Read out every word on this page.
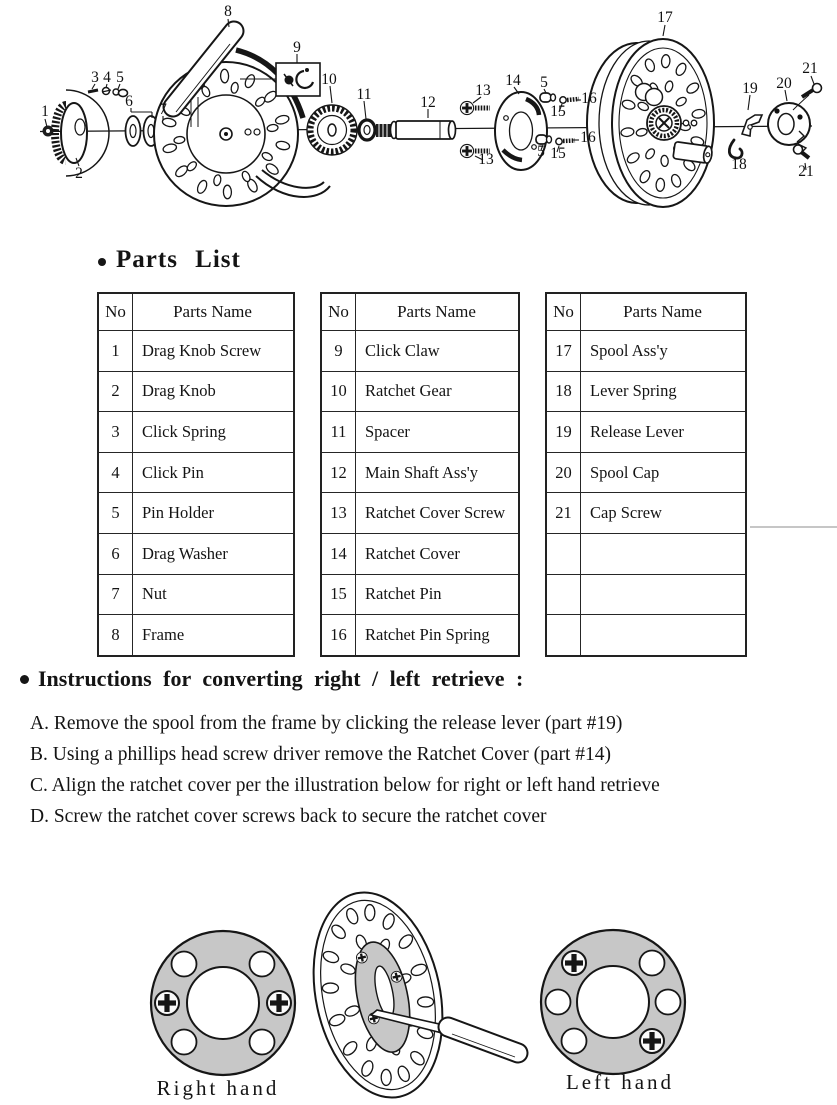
1
2
3 4 5
6 7
8
9
10
11	12
13
13
14 5
15
16
16
5 15
17
18
19 20
21
21
Parts List
No	Parts Name
1	Drag Knob Screw
2	Drag Knob
3	Click Spring
4	Click Pin
5	Pin Holder
6	Drag Washer
7	Nut
8	Frame
No	Parts Name
9	Click Claw
10	Ratchet Gear
11	Spacer
12	Main Shaft Ass'y
13	Ratchet Cover Screw
14	Ratchet Cover
15	Ratchet Pin
16	Ratchet Pin Spring
No	Parts Name
17	Spool Ass'y
18	Lever Spring
19	Release Lever
20	Spool Cap
21	Cap Screw

Instructions for converting right / left retrieve :
A. Remove the spool from the frame by clicking the release lever (part #19)
B. Using a phillips head screw driver remove the Ratchet Cover (part #14)
C. Align the ratchet cover per the illustration below for right or left hand retrieve
D. Screw the ratchet cover screws back to secure the ratchet cover
Right hand	Left hand
